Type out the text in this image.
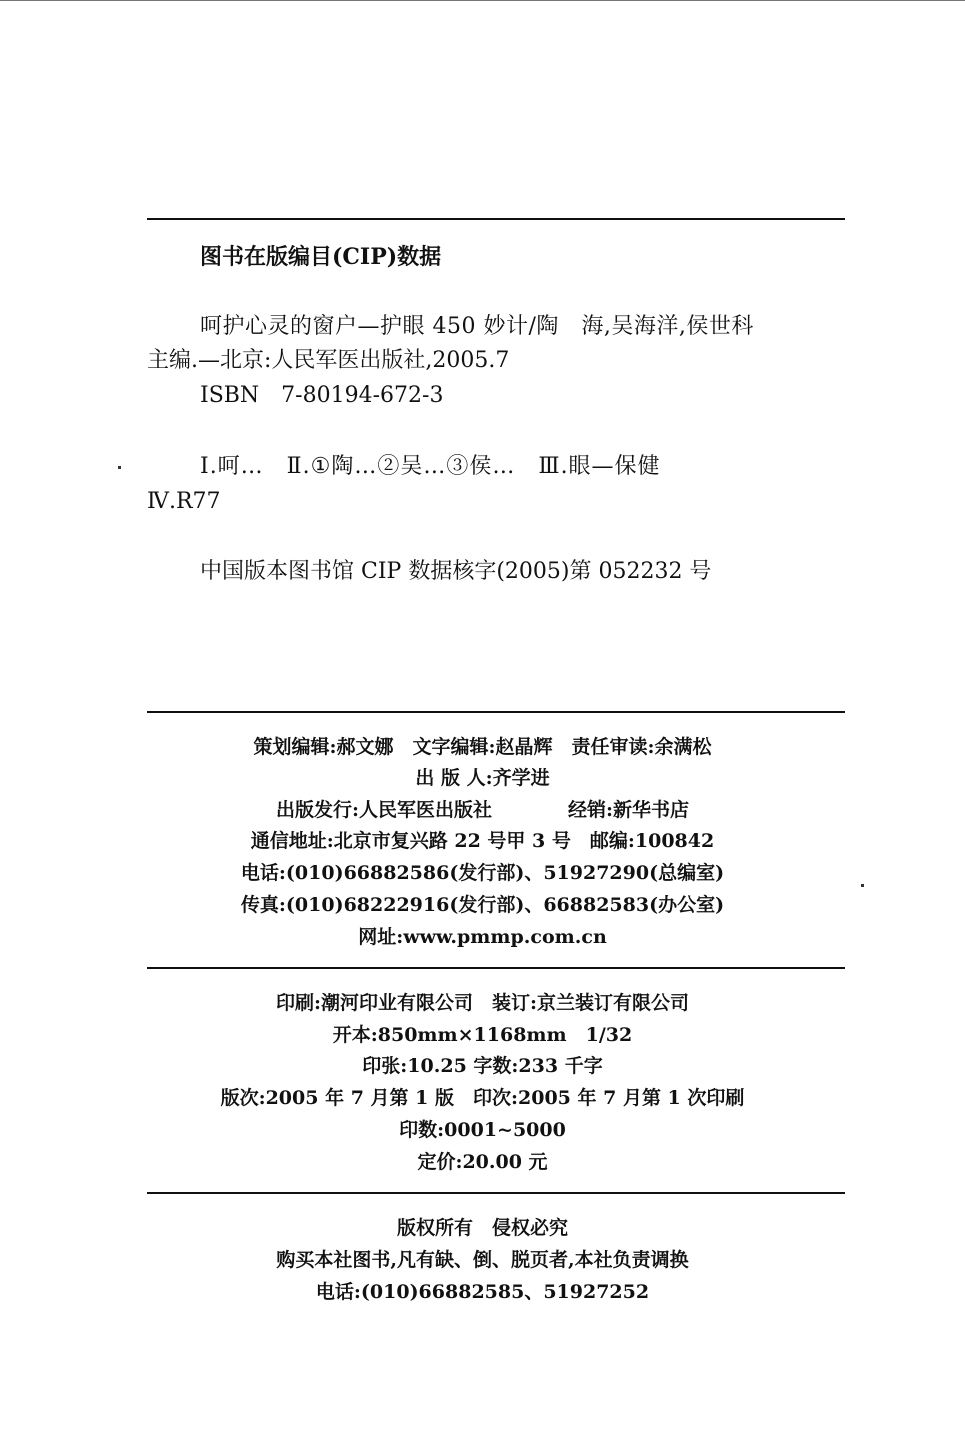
图书在版编目(CIP)数据
呵护心灵的窗户—护眼 450 妙计/陶　海,吴海洋,侯世科
主编.—北京:人民军医出版社,2005.7
ISBN　7-80194-672-3
Ⅰ.呵…　Ⅱ.①陶…②吴…③侯…　Ⅲ.眼—保健
Ⅳ.R77
中国版本图书馆 CIP 数据核字(2005)第 052232 号
策划编辑:郝文娜　文字编辑:赵晶辉　责任审读:余满松
出 版 人:齐学进
出版发行:人民军医出版社　　　　经销:新华书店
通信地址:北京市复兴路 22 号甲 3 号　邮编:100842
电话:(010)66882586(发行部)、51927290(总编室)
传真:(010)68222916(发行部)、66882583(办公室)
网址:www.pmmp.com.cn
印刷:潮河印业有限公司　装订:京兰装订有限公司
开本:850mm×1168mm　1/32
印张:10.25 字数:233 千字
版次:2005 年 7 月第 1 版　印次:2005 年 7 月第 1 次印刷
印数:0001~5000
定价:20.00 元
版权所有　侵权必究
购买本社图书,凡有缺、倒、脱页者,本社负责调换
电话:(010)66882585、51927252
